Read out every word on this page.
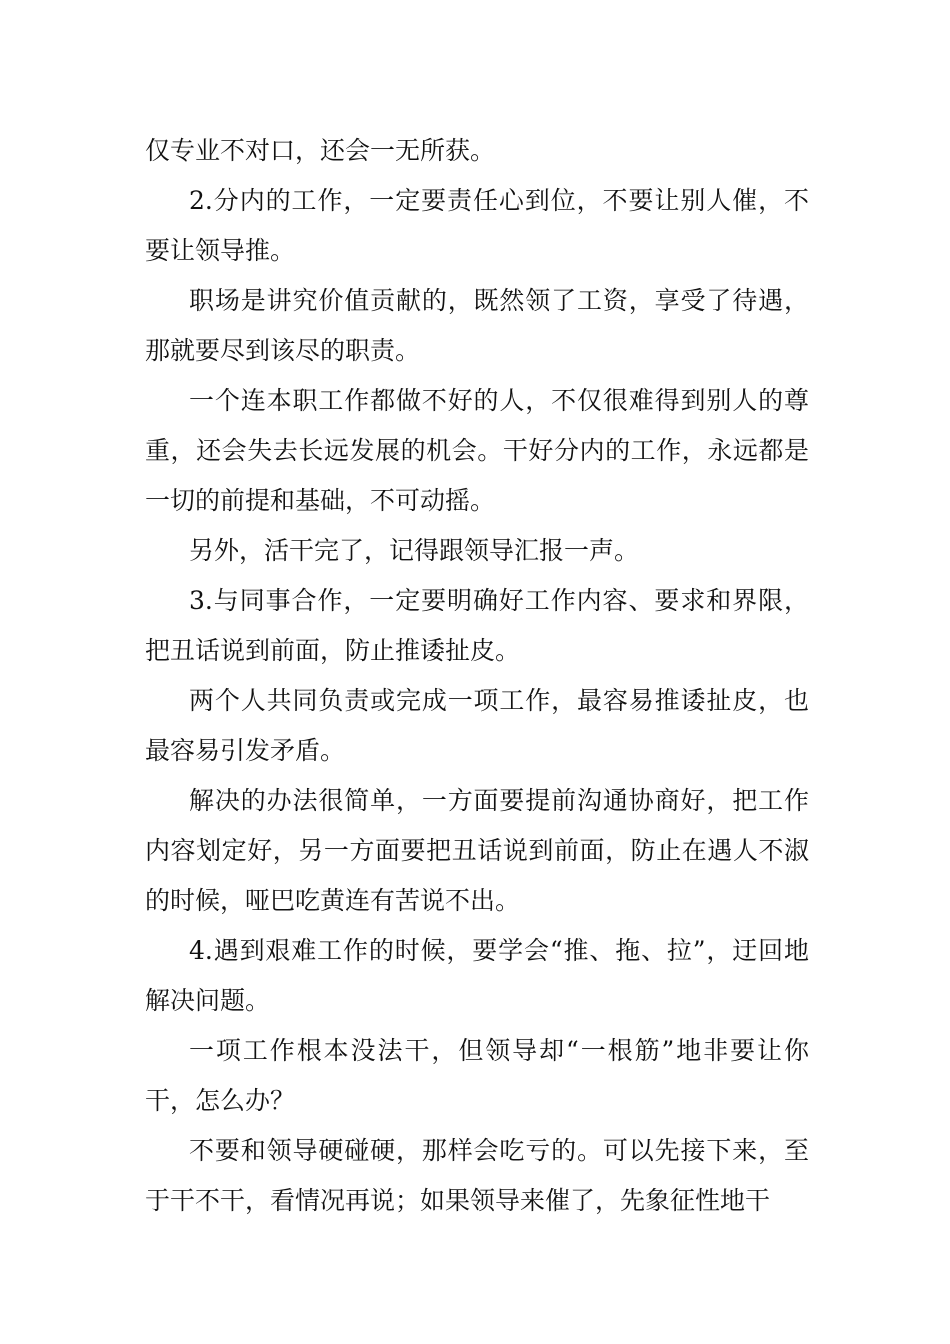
仅专业不对口，还会一无所获。

2.分内的工作，一定要责任心到位，不要让别人催，不要让领导推。

职场是讲究价值贡献的，既然领了工资，享受了待遇，那就要尽到该尽的职责。

一个连本职工作都做不好的人，不仅很难得到别人的尊重，还会失去长远发展的机会。干好分内的工作，永远都是一切的前提和基础，不可动摇。

另外，活干完了，记得跟领导汇报一声。

3.与同事合作，一定要明确好工作内容、要求和界限，把丑话说到前面，防止推诿扯皮。

两个人共同负责或完成一项工作，最容易推诿扯皮，也最容易引发矛盾。

解决的办法很简单，一方面要提前沟通协商好，把工作内容划定好，另一方面要把丑话说到前面，防止在遇人不淑的时候，哑巴吃黄连有苦说不出。

4.遇到艰难工作的时候，要学会“推、拖、拉”，迂回地解决问题。

一项工作根本没法干，但领导却“一根筋”地非要让你干，怎么办？

不要和领导硬碰硬，那样会吃亏的。可以先接下来，至于干不干，看情况再说；如果领导来催了，先象征性地干
